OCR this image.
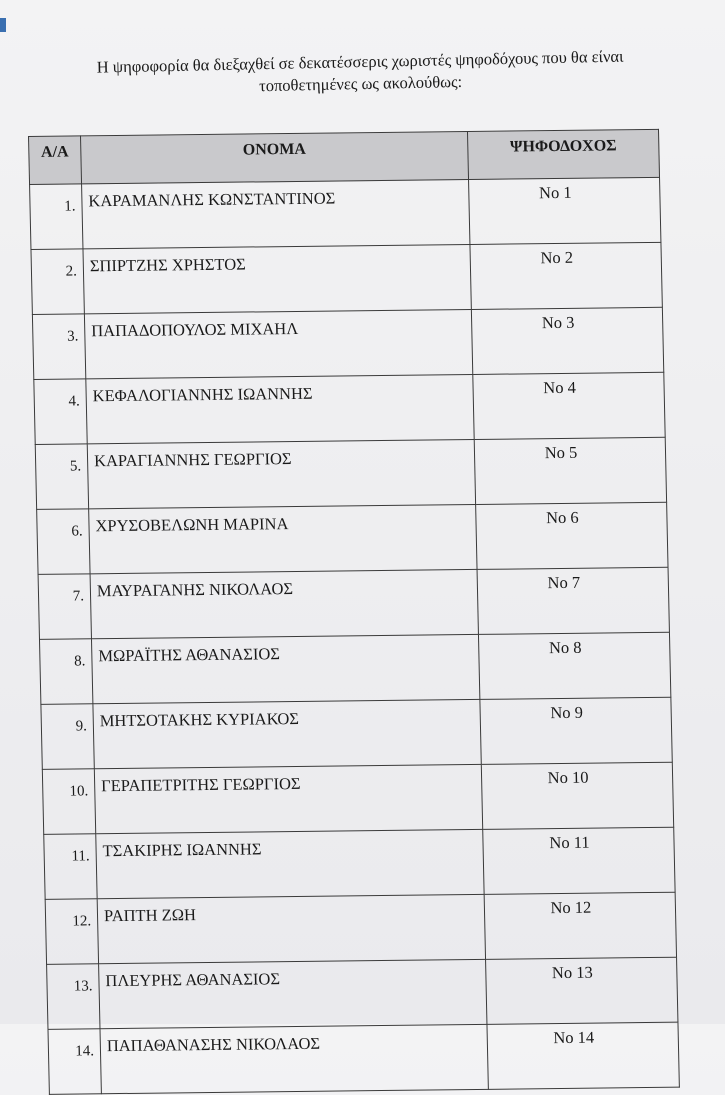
Η ψηφοφορία θα διεξαχθεί σε δεκατέσσερις χωριστές ψηφοδόχους που θα είναι
τοποθετημένες ως ακολούθως:
Α/Α	ΟΝΟΜΑ	ΨΗΦΟΔΟΧΟΣ
1.	ΚΑΡΑΜΑΝΛΗΣ ΚΩΝΣΤΑΝΤΙΝΟΣ	Νο 1
2.	ΣΠΙΡΤΖΗΣ ΧΡΗΣΤΟΣ	Νο 2
3.	ΠΑΠΑΔΟΠΟΥΛΟΣ ΜΙΧΑΗΛ	Νο 3
4.	ΚΕΦΑΛΟΓΙΑΝΝΗΣ ΙΩΑΝΝΗΣ	Νο 4
5.	ΚΑΡΑΓΙΑΝΝΗΣ ΓΕΩΡΓΙΟΣ	Νο 5
6.	ΧΡΥΣΟΒΕΛΩΝΗ ΜΑΡΙΝΑ	Νο 6
7.	ΜΑΥΡΑΓΑΝΗΣ ΝΙΚΟΛΑΟΣ	Νο 7
8.	ΜΩΡΑΪΤΗΣ ΑΘΑΝΑΣΙΟΣ	Νο 8
9.	ΜΗΤΣΟΤΑΚΗΣ ΚΥΡΙΑΚΟΣ	Νο 9
10.	ΓΕΡΑΠΕΤΡΙΤΗΣ ΓΕΩΡΓΙΟΣ	Νο 10
11.	ΤΣΑΚΙΡΗΣ ΙΩΑΝΝΗΣ	Νο 11
12.	ΡΑΠΤΗ ΖΩΗ	Νο 12
13.	ΠΛΕΥΡΗΣ ΑΘΑΝΑΣΙΟΣ	Νο 13
14.	ΠΑΠΑΘΑΝΑΣΗΣ ΝΙΚΟΛΑΟΣ	Νο 14
